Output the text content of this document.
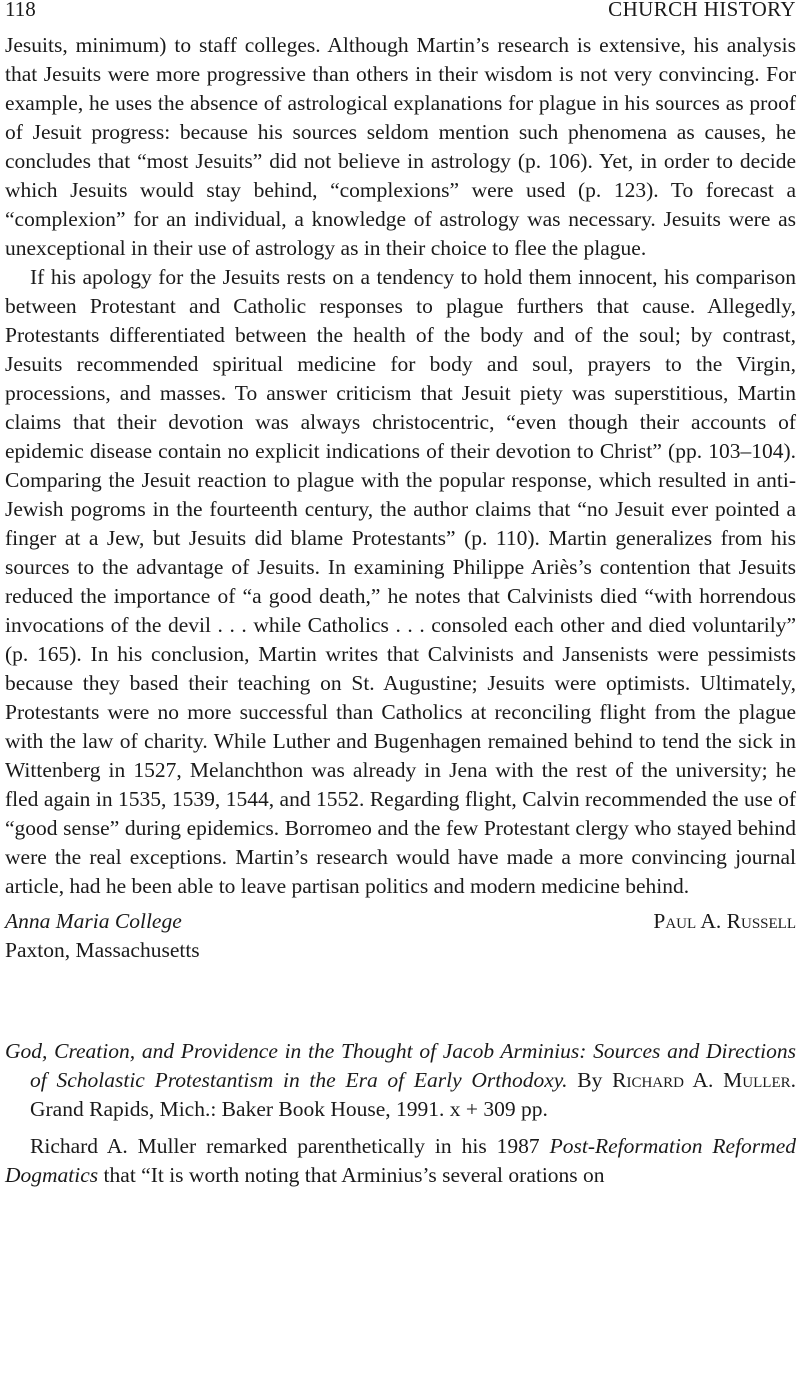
118	CHURCH HISTORY

Jesuits, minimum) to staff colleges. Although Martin’s research is extensive, his analysis that Jesuits were more progressive than others in their wisdom is not very convincing. For example, he uses the absence of astrological explanations for plague in his sources as proof of Jesuit progress: because his sources seldom mention such phenomena as causes, he concludes that “most Jesuits” did not believe in astrology (p. 106). Yet, in order to decide which Jesuits would stay behind, “complexions” were used (p. 123). To forecast a “complexion” for an individual, a knowledge of astrology was necessary. Jesuits were as unexceptional in their use of astrology as in their choice to flee the plague.

If his apology for the Jesuits rests on a tendency to hold them innocent, his comparison between Protestant and Catholic responses to plague furthers that cause. Allegedly, Protestants differentiated between the health of the body and of the soul; by contrast, Jesuits recommended spiritual medicine for body and soul, prayers to the Virgin, processions, and masses. To answer criticism that Jesuit piety was superstitious, Martin claims that their devotion was always christocentric, “even though their accounts of epidemic disease contain no explicit indications of their devotion to Christ” (pp. 103–104). Comparing the Jesuit reaction to plague with the popular response, which resulted in anti-Jewish pogroms in the fourteenth century, the author claims that “no Jesuit ever pointed a finger at a Jew, but Jesuits did blame Protestants” (p. 110). Martin generalizes from his sources to the advantage of Jesuits. In examining Philippe Ariès’s contention that Jesuits reduced the importance of “a good death,” he notes that Calvinists died “with horrendous invocations of the devil . . . while Catholics . . . consoled each other and died voluntarily” (p. 165). In his conclusion, Martin writes that Calvinists and Jansenists were pessimists because they based their teaching on St. Augustine; Jesuits were optimists. Ultimately, Protestants were no more successful than Catholics at reconciling flight from the plague with the law of charity. While Luther and Bugenhagen remained behind to tend the sick in Wittenberg in 1527, Melanchthon was already in Jena with the rest of the university; he fled again in 1535, 1539, 1544, and 1552. Regarding flight, Calvin recommended the use of “good sense” during epidemics. Borromeo and the few Protestant clergy who stayed behind were the real exceptions. Martin’s research would have made a more convincing journal article, had he been able to leave partisan politics and modern medicine behind.

Anna Maria College	Paul A. Russell
Paxton, Massachusetts

God, Creation, and Providence in the Thought of Jacob Arminius: Sources and Directions of Scholastic Protestantism in the Era of Early Orthodoxy. By Richard A. Muller. Grand Rapids, Mich.: Baker Book House, 1991. x + 309 pp.

Richard A. Muller remarked parenthetically in his 1987 Post-Reformation Reformed Dogmatics that “It is worth noting that Arminius’s several orations on
